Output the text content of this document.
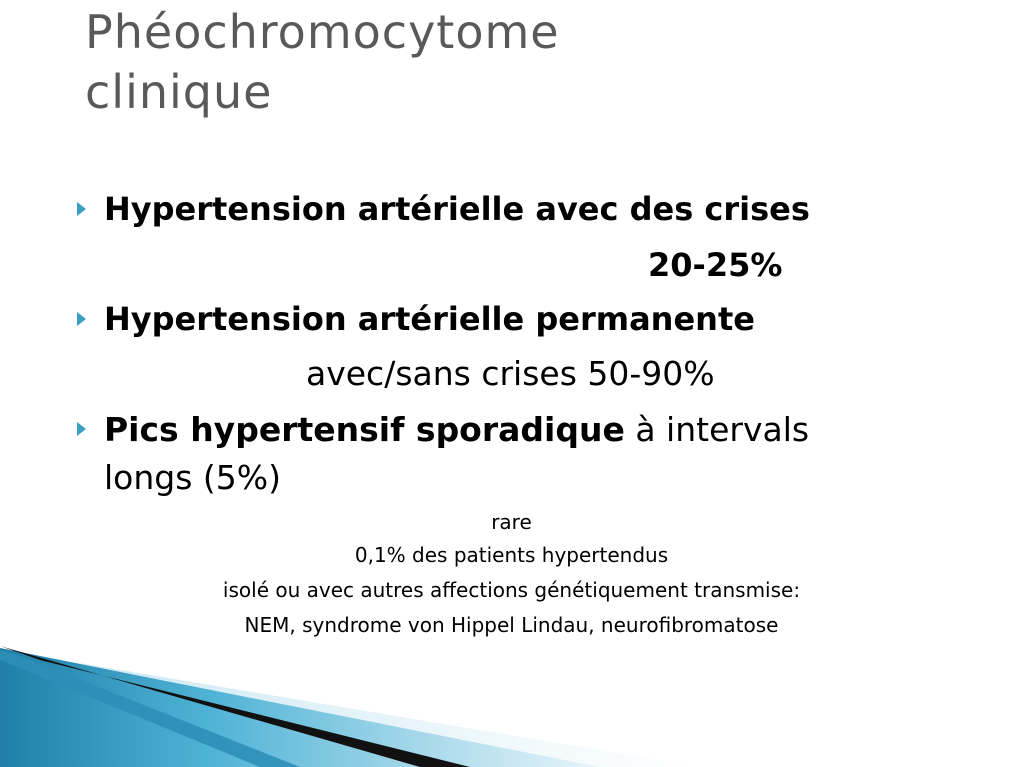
Phéochromocytome
clinique
Hypertension artérielle avec des crises
20-25%
Hypertension artérielle permanente
avec/sans crises 50-90%
Pics hypertensif sporadique à intervals
longs (5%)
rare
0,1% des patients hypertendus
isolé ou avec autres affections génétiquement transmise:
NEM, syndrome von Hippel Lindau, neurofibromatose
